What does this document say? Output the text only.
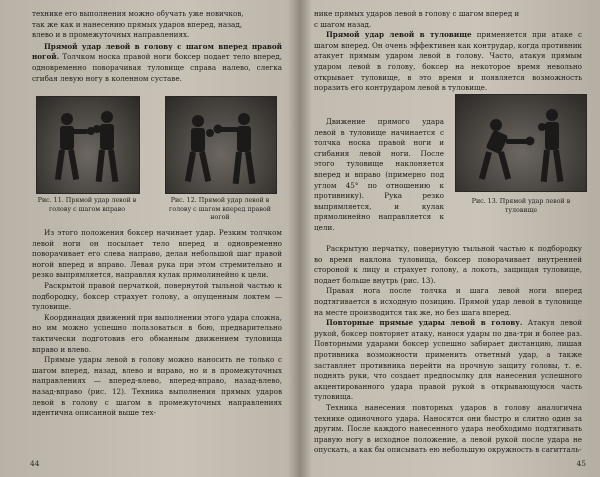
технике его выполнения можно обучать уже новичков,

так же как и нанесению прямых ударов вперед, назад,

влево и в промежуточных направлениях.

Прямой удар левой в голову с шагом вперед правой ногой. Толчком носка правой ноги боксер подает тело вперед, одновременно поворачивая туловище справа налево, слегка сгибая левую ногу в коленном суставе.

Рис. 11. Прямой удар левой в голову с шагом вправо
Рис. 12. Прямой удар левой в голову с шагом вперед правой ногой

Из этого положения боксер начинает удар. Резким толчком левой ноги он посылает тело вперед и одновременно поворачивает его слева направо, делая небольшой шаг правой ногой вперед и вправо. Левая рука при этом стремительно и резко выпрямляется, направляя кулак прямолинейно к цели.

Раскрытой правой перчаткой, повернутой тыльной частью к подбородку, боксер страхует голову, а опущенным локтем — туловище.

Координация движений при выполнении этого удара сложна, но им можно успешно пользоваться в бою, предварительно тактически подготовив его обманным движением туловища вправо и влево.

Прямые удары левой в голову можно наносить не только с шагом вперед, назад, влево и вправо, но и в промежуточных направлениях — вперед-влево, вперед-вправо, назад-влево, назад-вправо (рис. 12). Техника выполнения прямых ударов левой в голову с шагом в промежуточных направлениях идентична описанной выше тех-

44

нике прямых ударов левой в голову с шагом вперед и

с шагом назад.

Прямой удар левой в туловище применяется при атаке с шагом вперед. Он очень эффективен как контрудар, когда противник атакует прямым ударом левой в голову. Часто, атакуя прямым ударом левой в голову, боксер на некоторое время невольно открывает туловище, в это время и появляется возможность поразить его контрударом левой в туловище.

Движение прямого удара левой в туловище начинается с толчка носка правой ноги и сгибания левой ноги. После этого туловище наклоняется вперед и вправо (примерно под углом 45° по отношению к противнику). Рука резко выпрямляется, и кулак прямолинейно направляется к цели.

Рис. 13. Прямой удар левой в туловище

Раскрытую перчатку, повернутую тыльной частью к подбородку во время наклона туловища, боксер поворачивает внутренней стороной к лицу и страхует голову, а локоть, защищая туловище, подает больше внутрь (рис. 13).

Правая нога после толчка и шага левой ноги вперед подтягивается в исходную позицию. Прямой удар левой в туловище на месте производится так же, но без шага вперед.

Повторные прямые удары левой в голову. Атакуя левой рукой, боксер повторяет атаку, нанося удары по два-три и более раз. Повторными ударами боксер успешно забирает дистанцию, лишая противника возможности применить ответный удар, а также заставляет противника перейти на прочную защиту головы, т. е. поднять руки, что создает предпосылку для нанесения успешного акцентированного удара правой рукой в открывающуюся часть туловища.

Техника нанесения повторных ударов в голову аналогична технике одиночного удара. Наносятся они быстро и слитно один за другим. После каждого нанесенного удара необходимо подтягивать правую ногу в исходное положение, а левой рукой после удара не опускать, а как бы описывать ею небольшую окружность в сагитталь-

45
